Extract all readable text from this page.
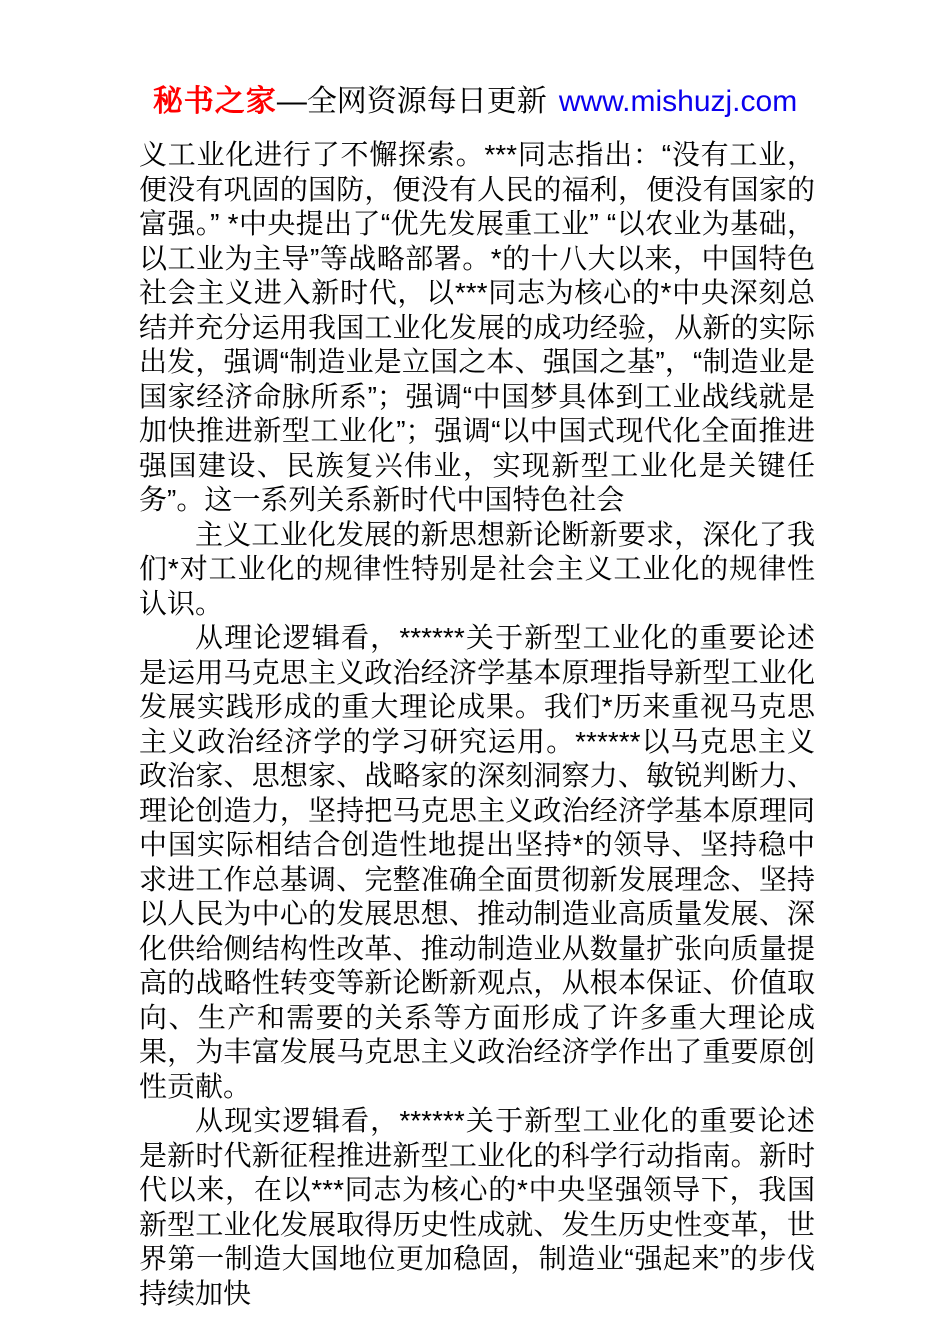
秘书之家—全网资源每日更新 www.mishuzj.com

义工业化进行了不懈探索。***同志指出：“没有工业，便没有巩固的国防，便没有人民的福利，便没有国家的富强。” *中央提出了“优先发展重工业” “以农业为基础，以工业为主导”等战略部署。*的十八大以来，中国特色社会主义进入新时代，以***同志为核心的*中央深刻总结并充分运用我国工业化发展的成功经验，从新的实际出发，强调“制造业是立国之本、强国之基”，“制造业是国家经济命脉所系”；强调“中国梦具体到工业战线就是加快推进新型工业化”；强调“以中国式现代化全面推进强国建设、民族复兴伟业，实现新型工业化是关键任务”。这一系列关系新时代中国特色社会

主义工业化发展的新思想新论断新要求，深化了我们*对工业化的规律性特别是社会主义工业化的规律性认识。

从理论逻辑看，******关于新型工业化的重要论述是运用马克思主义政治经济学基本原理指导新型工业化发展实践形成的重大理论成果。我们*历来重视马克思主义政治经济学的学习研究运用。******以马克思主义政治家、思想家、战略家的深刻洞察力、敏锐判断力、理论创造力，坚持把马克思主义政治经济学基本原理同中国实际相结合创造性地提出坚持*的领导、坚持稳中求进工作总基调、完整准确全面贯彻新发展理念、坚持以人民为中心的发展思想、推动制造业高质量发展、深化供给侧结构性改革、推动制造业从数量扩张向质量提高的战略性转变等新论断新观点，从根本保证、价值取向、生产和需要的关系等方面形成了许多重大理论成果，为丰富发展马克思主义政治经济学作出了重要原创性贡献。

从现实逻辑看，******关于新型工业化的重要论述是新时代新征程推进新型工业化的科学行动指南。新时代以来，在以***同志为核心的*中央坚强领导下，我国新型工业化发展取得历史性成就、发生历史性变革，世界第一制造大国地位更加稳固，制造业“强起来”的步伐持续加快
